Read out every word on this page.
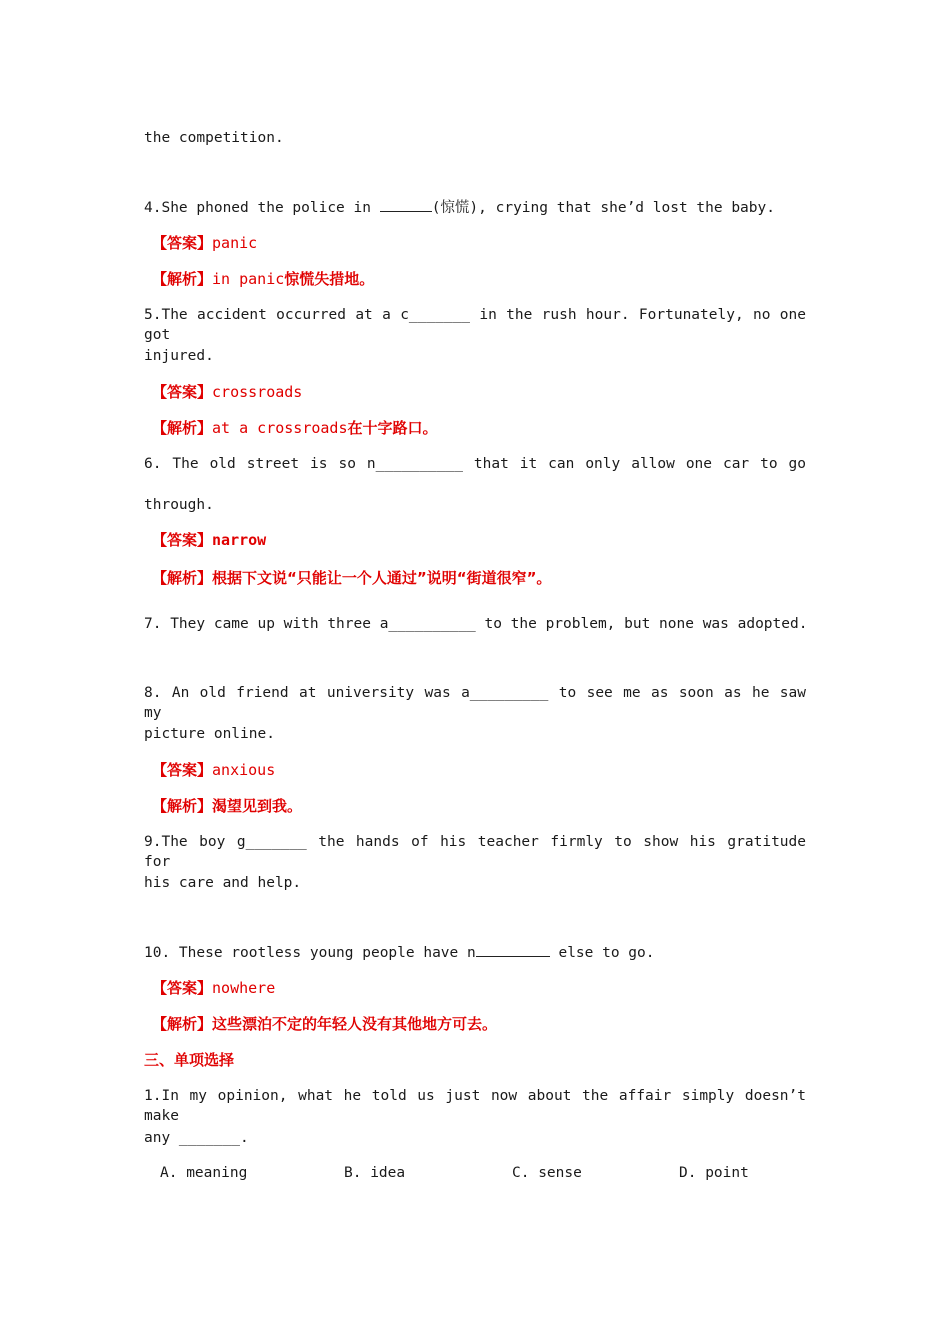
the competition.
4.She phoned the police in	(惊慌), crying that she’d lost the baby.
【答案】panic
【解析】in panic惊慌失措地。
5.The accident occurred at a c_______ in the rush hour. Fortunately, no one got
injured.
【答案】crossroads
【解析】at a crossroads在十字路口。
6. The old street is so n__________ that it can only allow one car to go
through.
【答案】narrow
【解析】根据下文说“只能让一个人通过”说明“街道很窄”。
7. They came up with three a__________ to the problem, but none was adopted.
8. An old friend at university was a_________ to see me as soon as he saw my
picture online.
【答案】anxious
【解析】渴望见到我。
9.The boy g_______ the hands of his teacher firmly to show his gratitude for
his care and help.
10. These rootless young people have n	else to go.
【答案】nowhere
【解析】这些漂泊不定的年轻人没有其他地方可去。
三、单项选择
1.In my opinion, what he told us just now about the affair simply doesn’t make
any _______.
A. meaning	B. idea	C. sense	D. point
